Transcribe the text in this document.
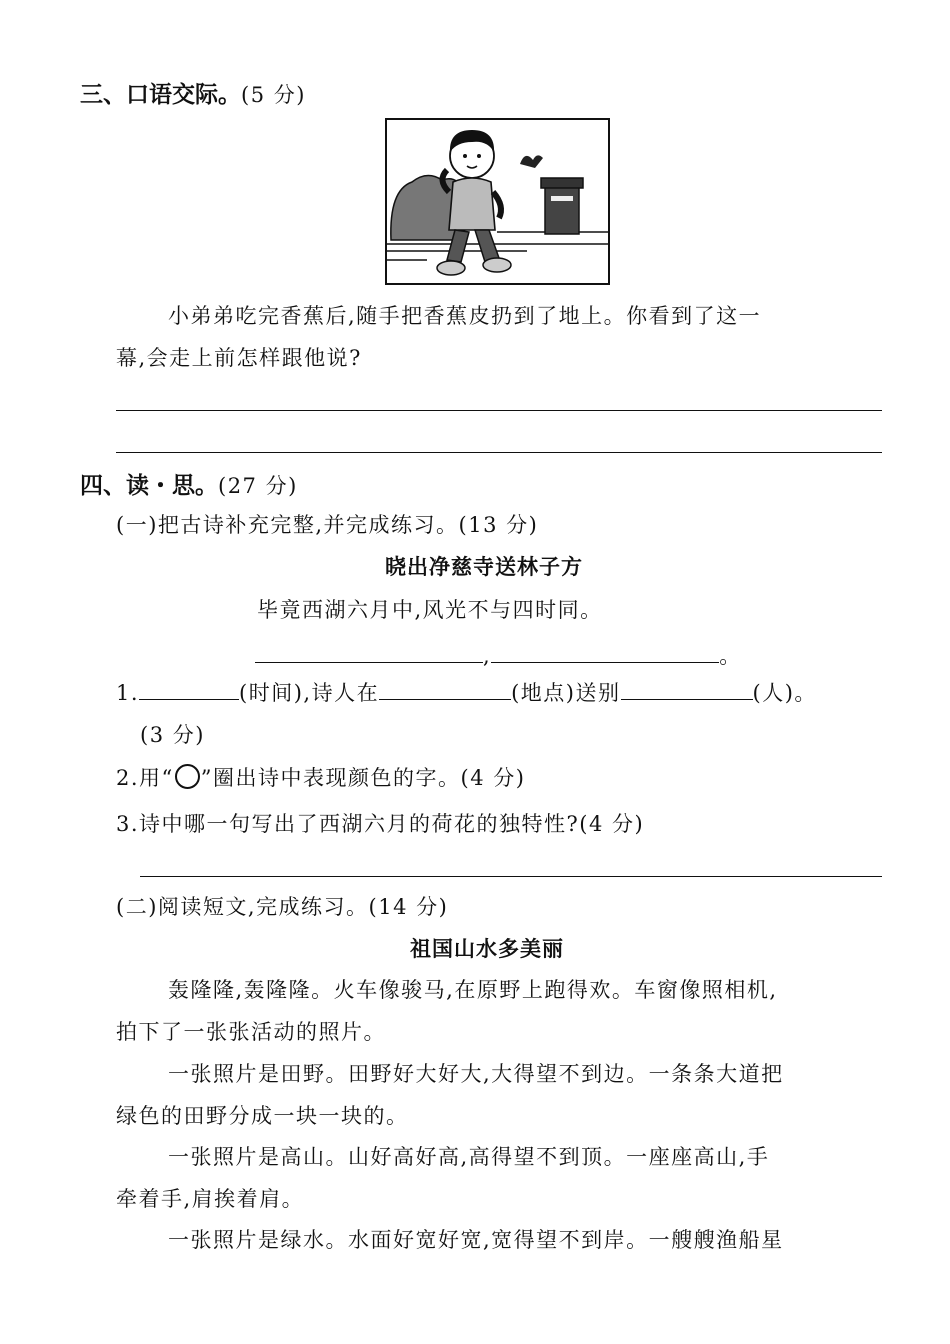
三、口语交际。(5 分)
小弟弟吃完香蕉后,随手把香蕉皮扔到了地上。你看到了这一
幕,会走上前怎样跟他说?
四、读・思。(27 分)
(一)把古诗补充完整,并完成练习。(13 分)
晓出净慈寺送林子方
毕竟西湖六月中,风光不与四时同。
,	。
1.	(时间),诗人在	(地点)送别	(人)。
(3 分)
2.用“ ”圈出诗中表现颜色的字。(4 分)
3.诗中哪一句写出了西湖六月的荷花的独特性?(4 分)
(二)阅读短文,完成练习。(14 分)
祖国山水多美丽
轰隆隆,轰隆隆。火车像骏马,在原野上跑得欢。车窗像照相机,
拍下了一张张活动的照片。
一张照片是田野。田野好大好大,大得望不到边。一条条大道把
绿色的田野分成一块一块的。
一张照片是高山。山好高好高,高得望不到顶。一座座高山,手
牵着手,肩挨着肩。
一张照片是绿水。水面好宽好宽,宽得望不到岸。一艘艘渔船星
